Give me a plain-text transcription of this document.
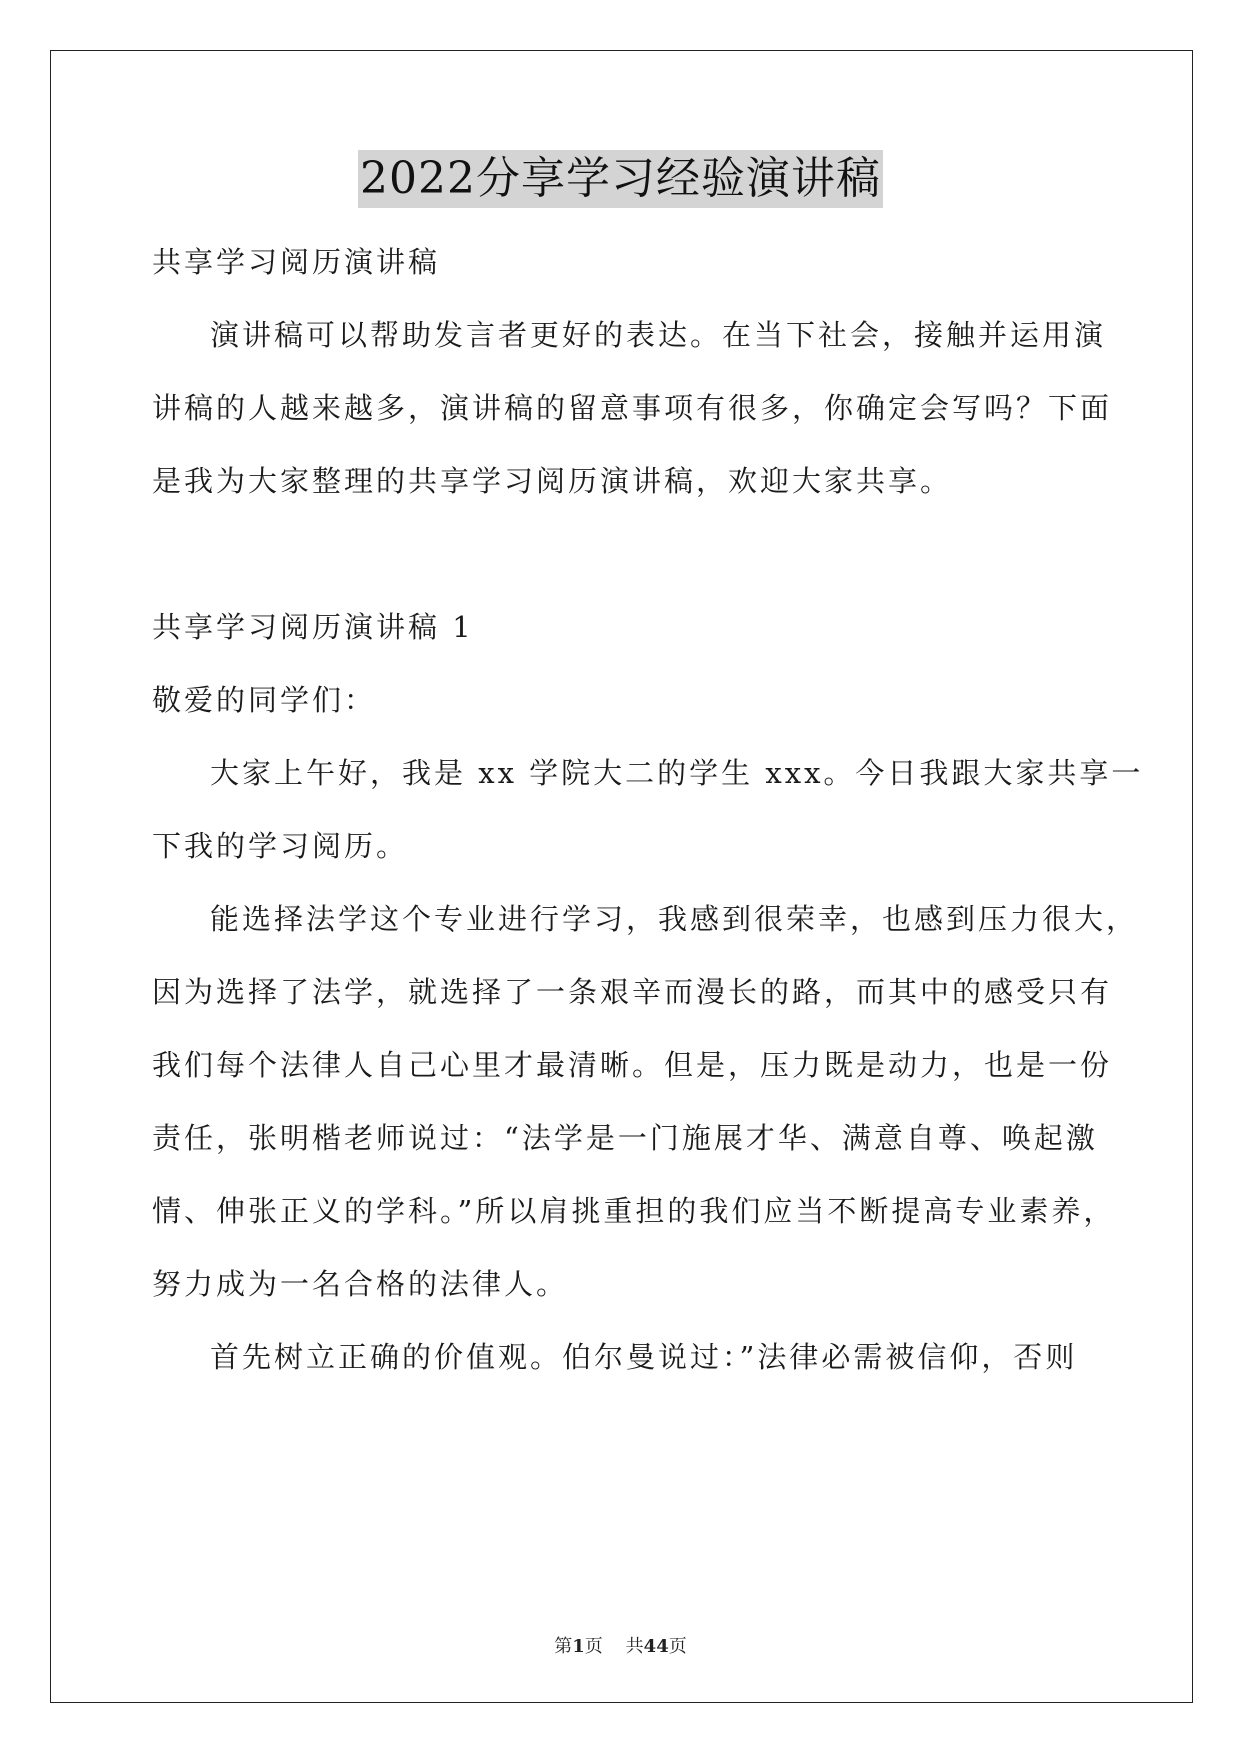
2022分享学习经验演讲稿
共享学习阅历演讲稿
演讲稿可以帮助发言者更好的表达。在当下社会，接触并运用演
讲稿的人越来越多，演讲稿的留意事项有很多，你确定会写吗？下面
是我为大家整理的共享学习阅历演讲稿，欢迎大家共享。
共享学习阅历演讲稿 1
敬爱的同学们：
大家上午好，我是 xx 学院大二的学生 xxx。今日我跟大家共享一
下我的学习阅历。
能选择法学这个专业进行学习，我感到很荣幸，也感到压力很大，
因为选择了法学，就选择了一条艰辛而漫长的路，而其中的感受只有
我们每个法律人自己心里才最清晰。但是，压力既是动力，也是一份
责任，张明楷老师说过：“法学是一门施展才华、满意自尊、唤起激
情、伸张正义的学科。”所以肩挑重担的我们应当不断提高专业素养，
努力成为一名合格的法律人。
首先树立正确的价值观。伯尔曼说过：”法律必需被信仰，否则
第1页 共44页
